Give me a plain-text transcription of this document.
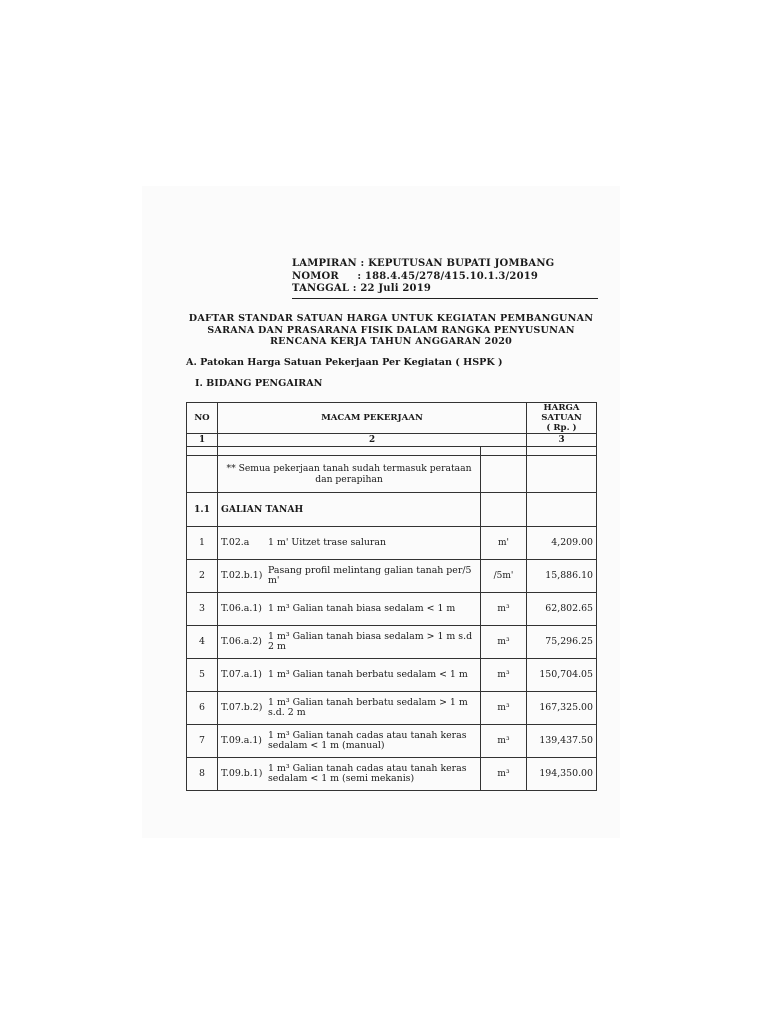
LAMPIRAN : KEPUTUSAN BUPATI JOMBANG
NOMOR     : 188.4.45/278/415.10.1.3/2019
TANGGAL : 22 Juli 2019
DAFTAR STANDAR SATUAN HARGA UNTUK KEGIATAN PEMBANGUNAN
SARANA DAN PRASARANA FISIK DALAM RANGKA PENYUSUNAN
RENCANA KERJA TAHUN ANGGARAN 2020
A. Patokan Harga Satuan Pekerjaan Per Kegiatan ( HSPK )
I. BIDANG PENGAIRAN
NO	MACAM PEKERJAAN		HARGA
SATUAN
( Rp. )

1	2		3

	** Semua pekerjaan tanah sudah termasuk perataan
dan perapihan		

1.1	GALIAN TANAH		
1	T.02.a 1 m' Uitzet trase saluran	m'	4,209.00
2	T.02.b.1) Pasang profil melintang galian tanah per/5 m'	/5m'	15,886.10
3	T.06.a.1) 1 m³ Galian tanah biasa sedalam < 1 m	m³	62,802.65
4	T.06.a.2) 1 m³ Galian tanah biasa sedalam > 1 m s.d 2 m	m³	75,296.25
5	T.07.a.1) 1 m³ Galian tanah berbatu sedalam < 1 m	m³	150,704.05
6	T.07.b.2) 1 m³ Galian tanah berbatu sedalam > 1 m s.d. 2 m	m³	167,325.00
7	T.09.a.1) 1 m³ Galian tanah cadas atau tanah keras sedalam < 1 m (manual)	m³	139,437.50
8	T.09.b.1) 1 m³ Galian tanah cadas atau tanah keras sedalam < 1 m (semi mekanis)	m³	194,350.00
